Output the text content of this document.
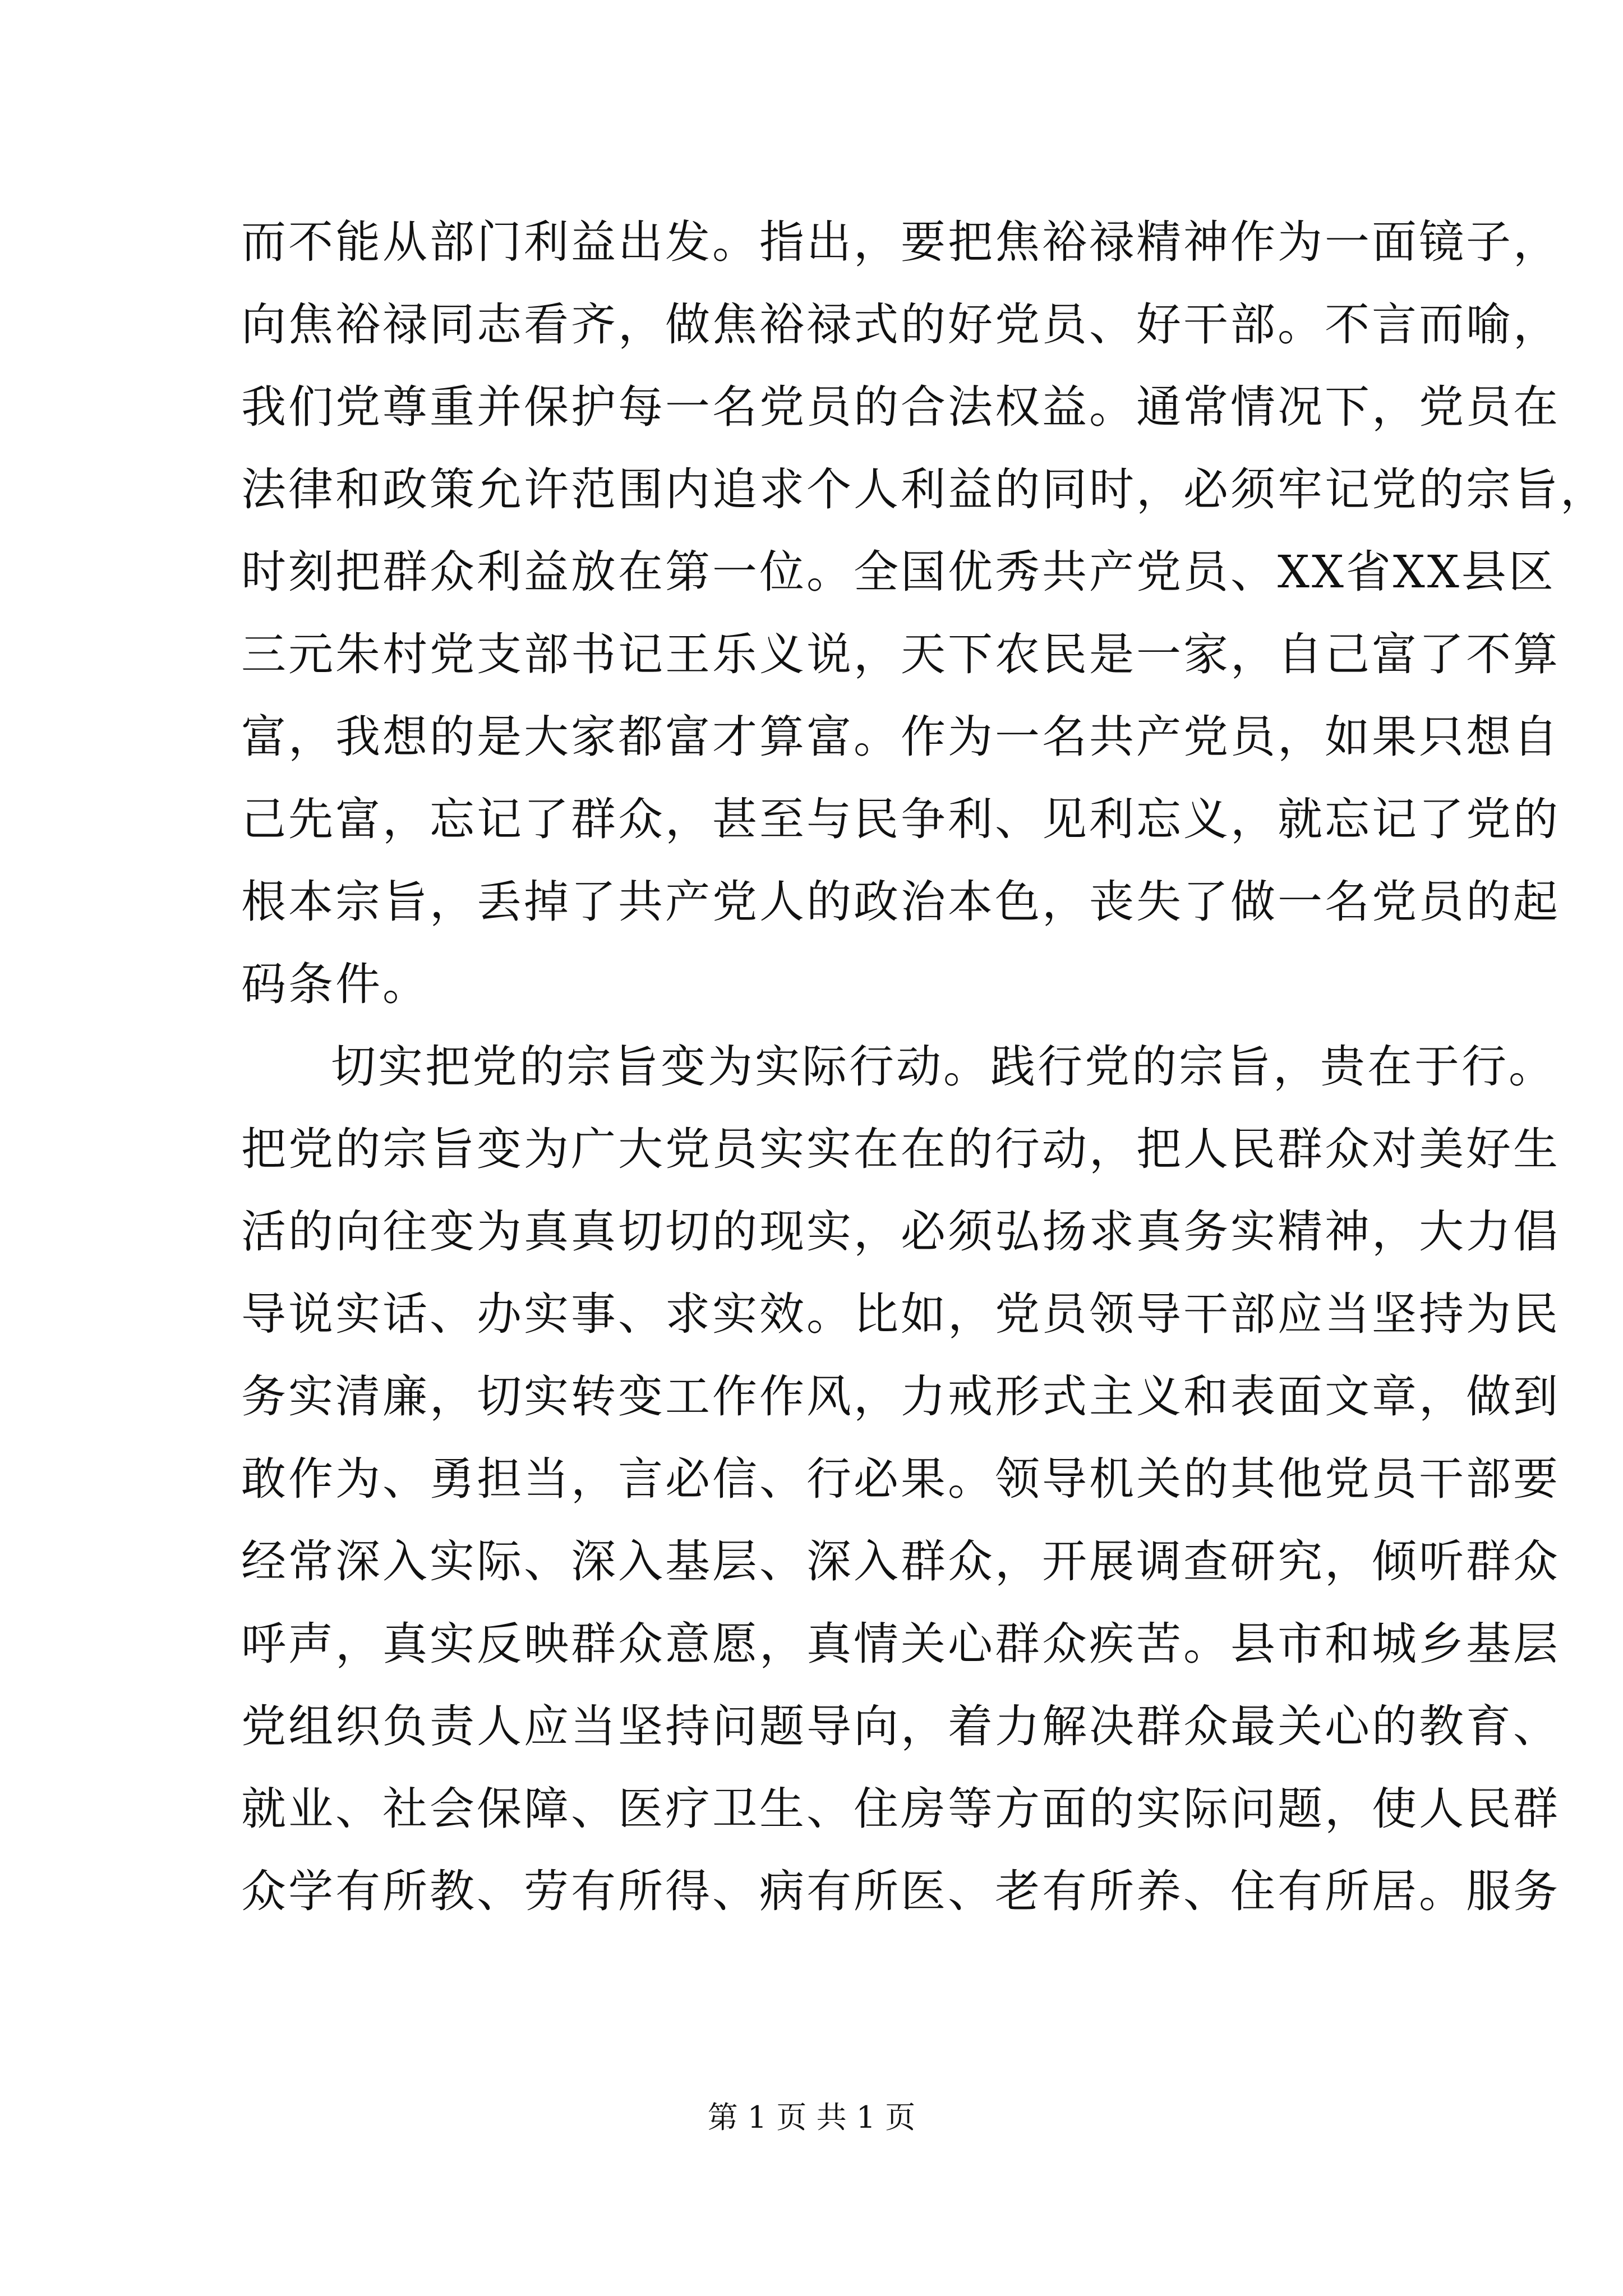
而不能从部门利益出发。指出，要把焦裕禄精神作为一面镜子，
向焦裕禄同志看齐，做焦裕禄式的好党员、好干部。不言而喻，
我们党尊重并保护每一名党员的合法权益。通常情况下，党员在
法律和政策允许范围内追求个人利益的同时，必须牢记党的宗旨，
时刻把群众利益放在第一位。全国优秀共产党员、XX省XX县区
三元朱村党支部书记王乐义说，天下农民是一家，自己富了不算
富，我想的是大家都富才算富。作为一名共产党员，如果只想自
己先富，忘记了群众，甚至与民争利、见利忘义，就忘记了党的
根本宗旨，丢掉了共产党人的政治本色，丧失了做一名党员的起
码条件。
切实把党的宗旨变为实际行动。践行党的宗旨，贵在于行。
把党的宗旨变为广大党员实实在在的行动，把人民群众对美好生
活的向往变为真真切切的现实，必须弘扬求真务实精神，大力倡
导说实话、办实事、求实效。比如，党员领导干部应当坚持为民
务实清廉，切实转变工作作风，力戒形式主义和表面文章，做到
敢作为、勇担当，言必信、行必果。领导机关的其他党员干部要
经常深入实际、深入基层、深入群众，开展调查研究，倾听群众
呼声，真实反映群众意愿，真情关心群众疾苦。县市和城乡基层
党组织负责人应当坚持问题导向，着力解决群众最关心的教育、
就业、社会保障、医疗卫生、住房等方面的实际问题，使人民群
众学有所教、劳有所得、病有所医、老有所养、住有所居。服务
第 1 页 共 1 页
